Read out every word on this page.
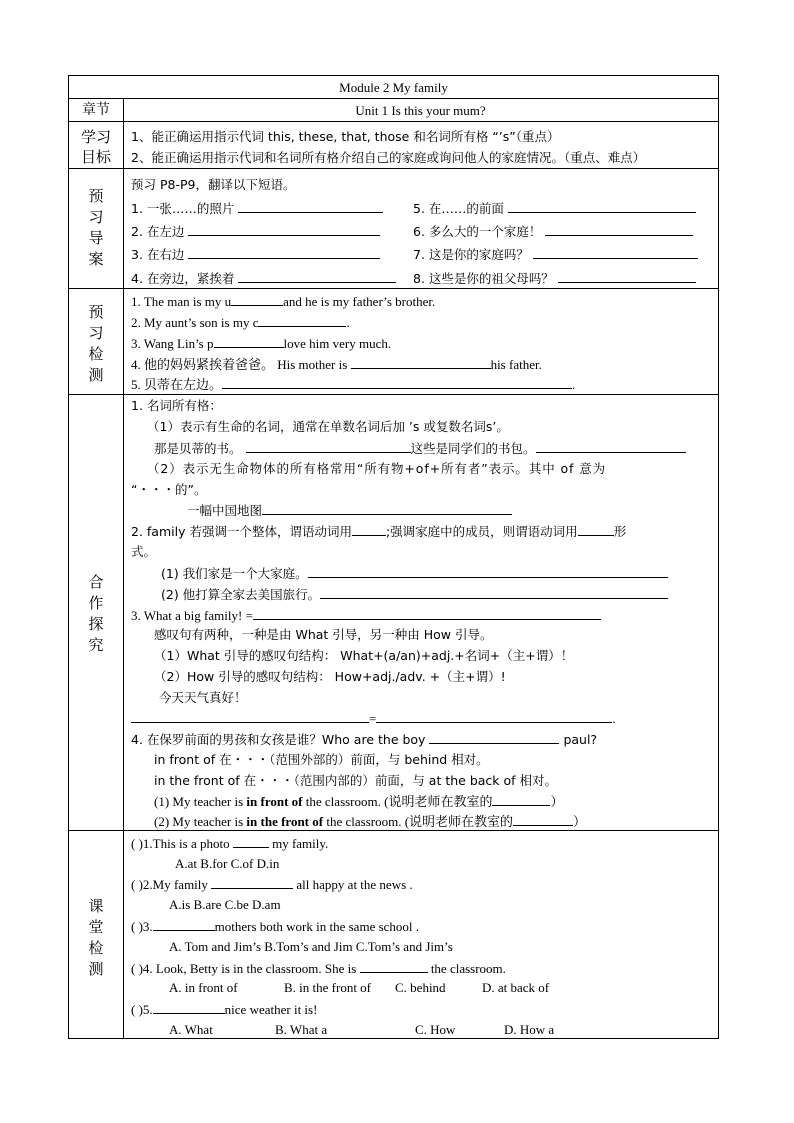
Module 2 My family
章节	Unit 1 Is this your mum?
学习
目标
1、能正确运用指示代词 this, these, that, those 和名词所有格 “’s”（重点）
2、能正确运用指示代词和名词所有格介绍自己的家庭或询问他人的家庭情况。（重点、难点）
预
习
导
案
预习 P8-P9，翻译以下短语。
1. 一张……的照片	5. 在……的前面
2. 在左边	6. 多么大的一个家庭！
3. 在右边	7. 这是你的家庭吗？
4. 在旁边，紧挨着	8. 这些是你的祖父母吗？
预
习
检
测
1. The man is my u	and he is my father’s brother.
2. My aunt’s son is my c	.
3. Wang Lin’s p	love him very much.
4. 他的妈妈紧挨着爸爸。 His mother is	his father.
5. 贝蒂在左边。	.
合
作
探
究
1. 名词所有格：
（1）表示有生命的名词，通常在单数名词后加 ’s 或复数名词s’。
那是贝蒂的书。	这些是同学们的书包。
（2）表示无生命物体的所有格常用“所有物+of+所有者”表示。其中 of 意为
“・・・的”。
一幅中国地图
2. family 若强调一个整体，谓语动词用	;强调家庭中的成员，则谓语动词用	形
式。
(1) 我们家是一个大家庭。
(2) 他打算全家去美国旅行。
3. What a big family! =
感叹句有两种，一种是由 What 引导，另一种由 How 引导。
（1）What 引导的感叹句结构： What+(a/an)+adj.+名词+（主+谓）！
（2）How 引导的感叹句结构： How+adj./adv. +（主+谓）!
今天天气真好！
=	.
4. 在保罗前面的男孩和女孩是谁？Who are the boy	paul?
in front of 在・・・（范围外部的）前面，与 behind 相对。
in the front of 在・・・（范围内部的）前面，与 at the back of 相对。
(1) My teacher is in front of the classroom. (说明老师在教室的	）
(2) My teacher is in the front of the classroom. (说明老师在教室的	）
课
堂
检
测
( )1.This is a photo	my family.
A.at B.for C.of D.in
( )2.My family	all happy at the news .
A.is B.are C.be D.am
( )3.	mothers both work in the same school .
A. Tom and Jim’s B.Tom’s and Jim C.Tom’s and Jim’s
( )4. Look, Betty is in the classroom. She is	the classroom.
A. in front of	B. in the front of C. behind	D. at back of
( )5.	nice weather it is!
A. What	B. What a	C. How	D. How a
